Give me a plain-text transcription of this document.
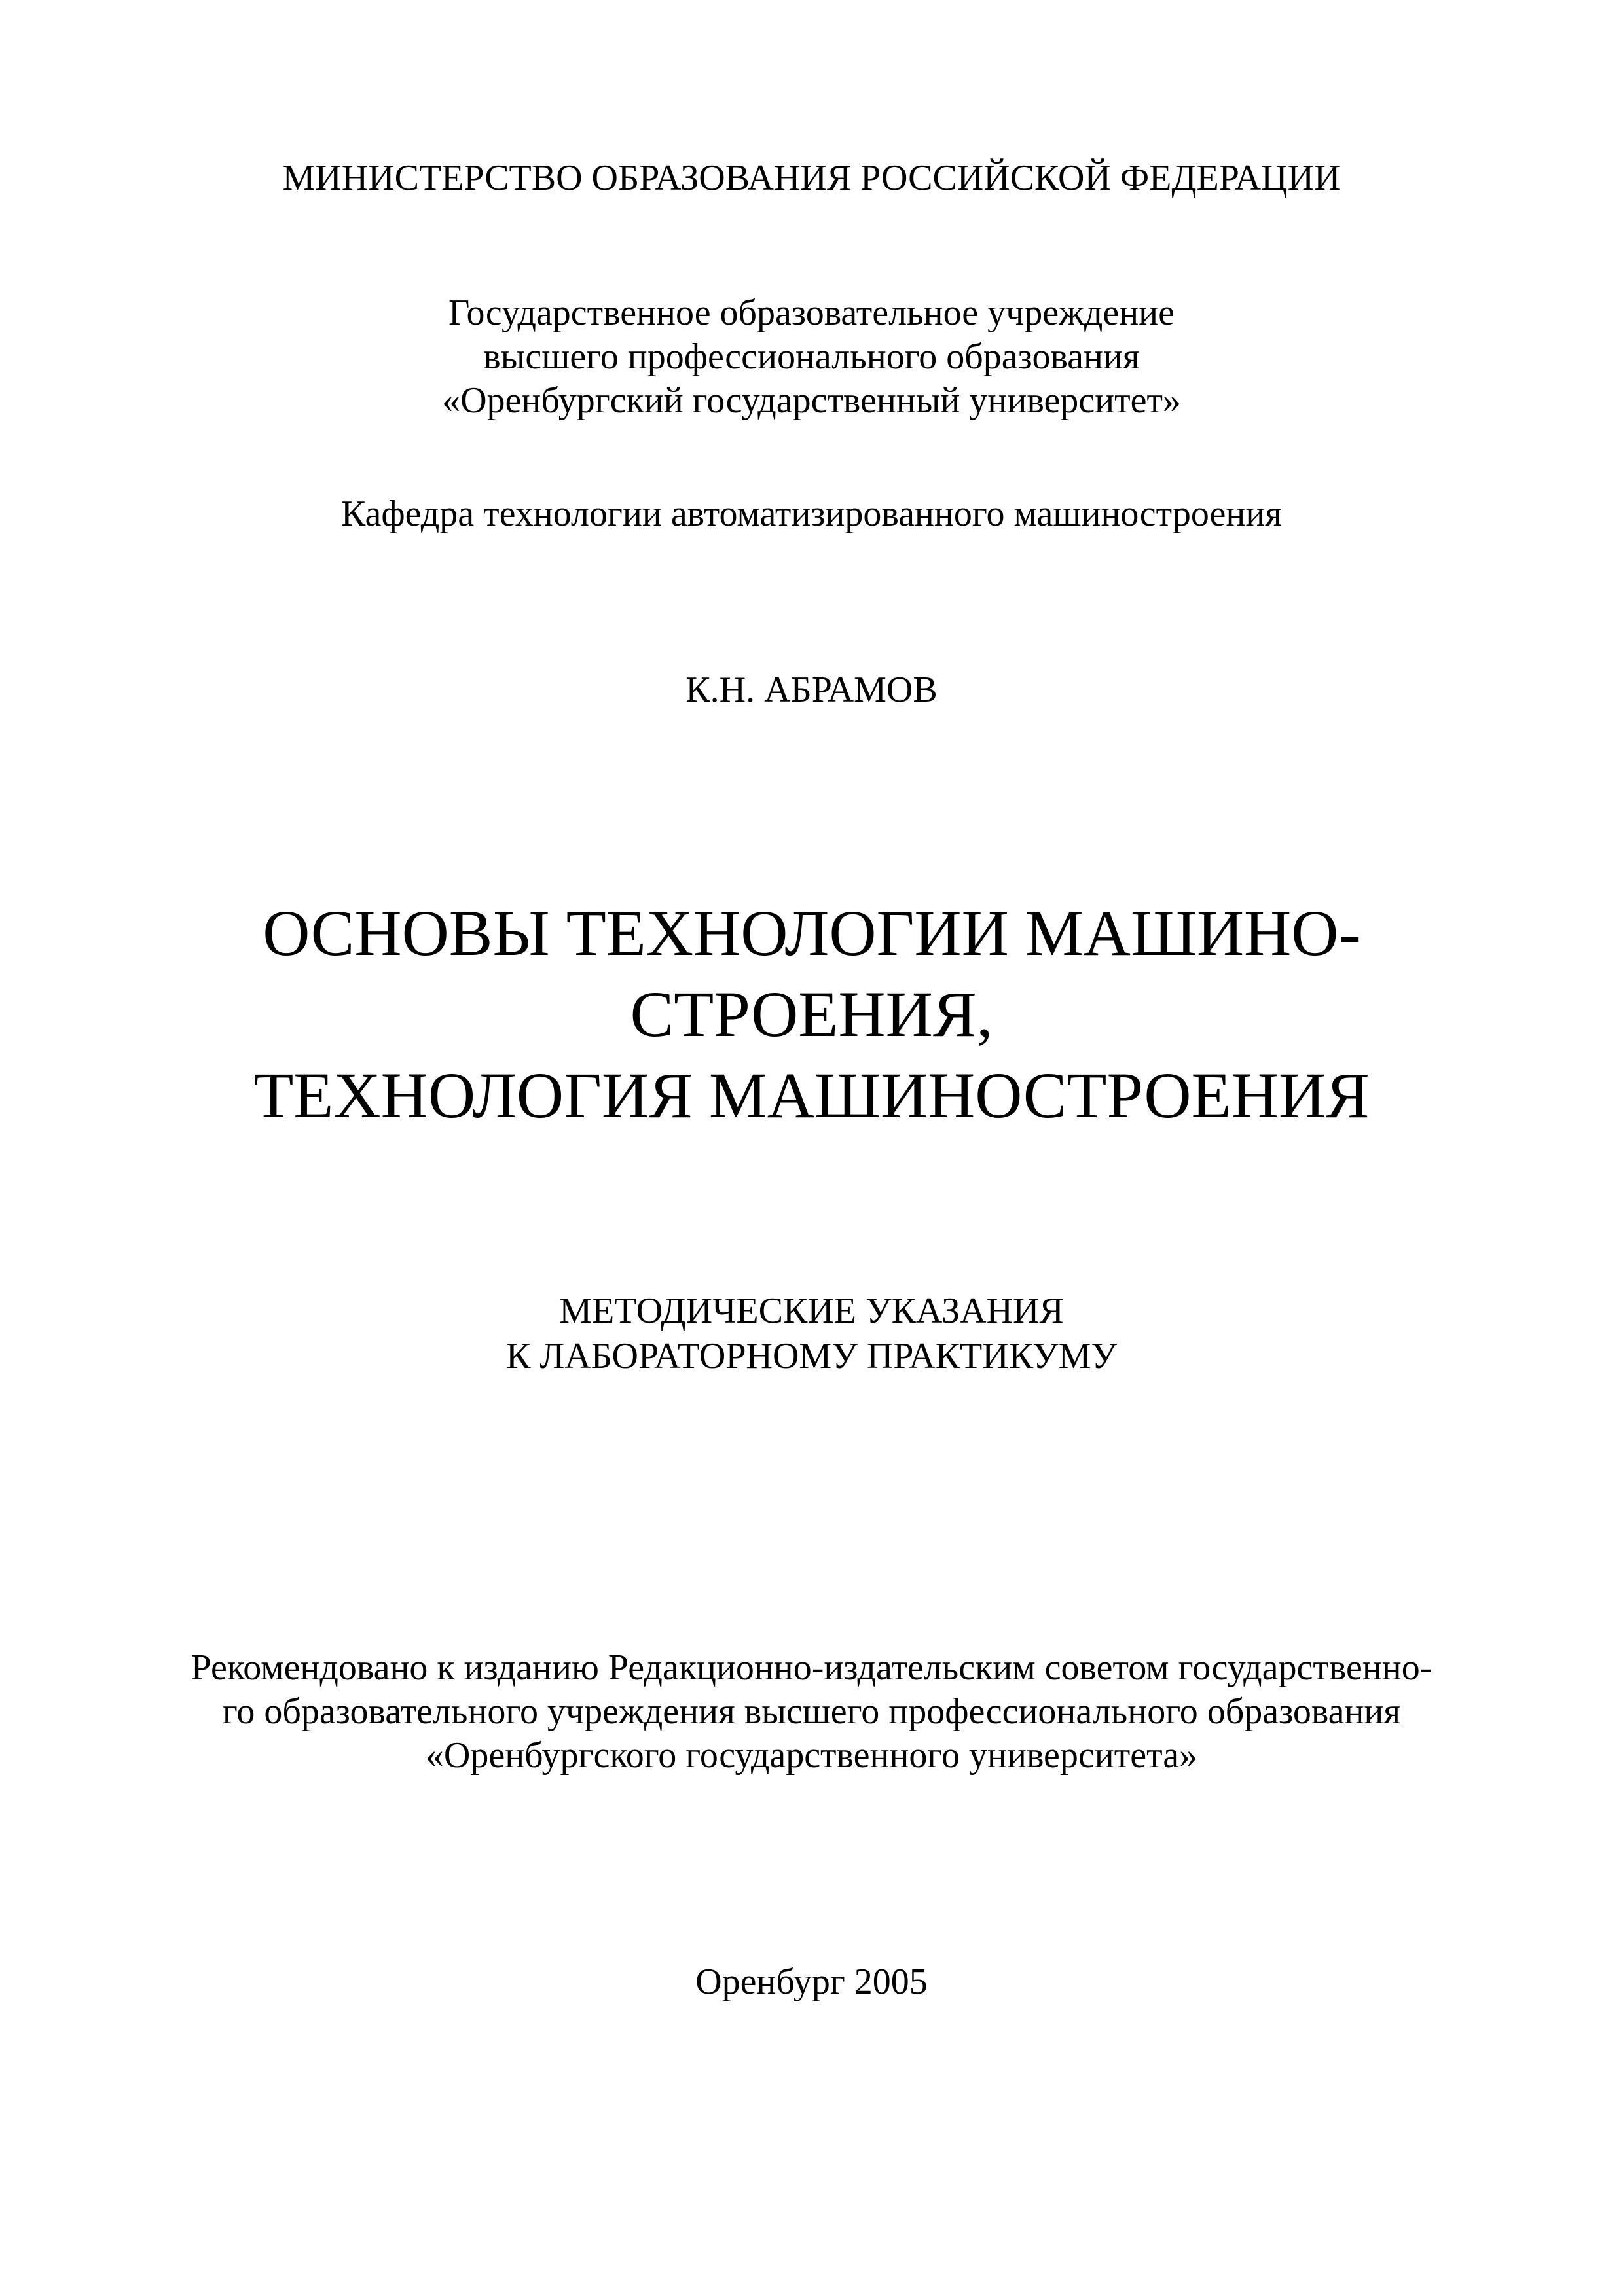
МИНИСТЕРСТВО ОБРАЗОВАНИЯ РОССИЙСКОЙ ФЕДЕРАЦИИ
Государственное образовательное учреждение
высшего профессионального образования
«Оренбургский государственный университет»
Кафедра технологии автоматизированного машиностроения
К.Н. АБРАМОВ
ОСНОВЫ ТЕХНОЛОГИИ МАШИНО-
СТРОЕНИЯ,
ТЕХНОЛОГИЯ МАШИНОСТРОЕНИЯ
МЕТОДИЧЕСКИЕ УКАЗАНИЯ
К ЛАБОРАТОРНОМУ ПРАКТИКУМУ
Рекомендовано к изданию Редакционно-издательским советом государственно-
го образовательного учреждения высшего профессионального образования
«Оренбургского государственного университета»
Оренбург 2005
